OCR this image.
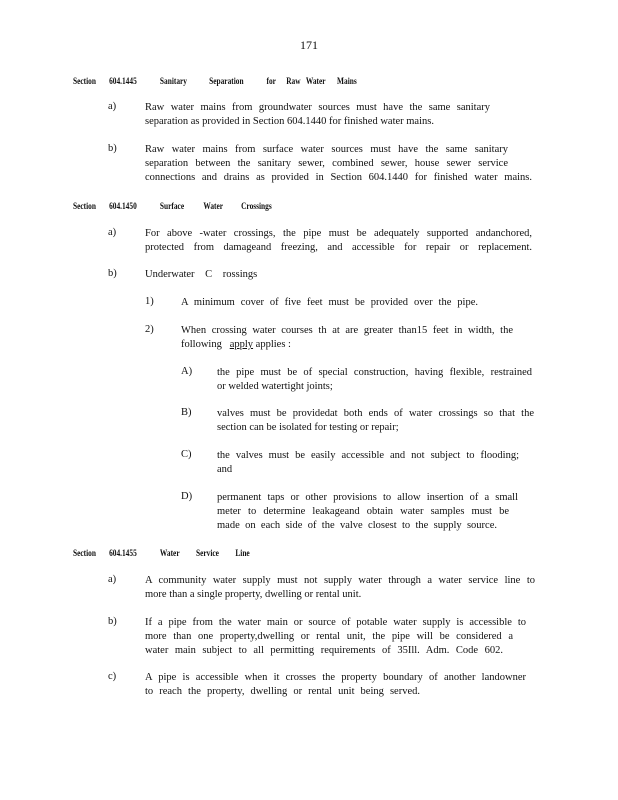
171
Section 604.1445	Sanitary Separation	for Raw Water Mains
a)	Raw water mains from groundwater sources must have the same sanitary
separation as provided in Section 604.1440 for finished water mains.
b)	Raw water mains from surface water sources must have the same sanitary
separation between the sanitary sewer, combined sewer, house sewer service
connections and drains as provided in Section 604.1440 for finished water mains.
Section 604.1450	Surface Water Crossings
a)	For above -water crossings, the pipe must be adequately supported andanchored,
protected from damageand freezing, and accessible for repair or replacement.
b)	Underwater C rossings
1)	A minimum cover of five feet must be provided over the pipe.
2)	When crossing water courses th at are greater than15 feet in width, the
following apply applies :
A) the pipe must be of special construction, having flexible, restrained
or welded watertight joints;
B) valves must be providedat both ends of water crossings so that the
section can be isolated for testing or repair;
C) the valves must be easily accessible and not subject to flooding;
and
D) permanent taps or other provisions to allow insertion of a small
meter to determine leakageand obtain water samples must be
made on each side of the valve closest to the supply source.
Section 604.1455	Water Service Line
a)	A community water supply must not supply water through a water service line to
more than a single property, dwelling or rental unit.
b)	If a pipe from the water main or source of potable water supply is accessible to
more than one property,dwelling or rental unit, the pipe will be considered a
water main subject to all permitting requirements of 35Ill. Adm. Code 602.
c)	A pipe is accessible when it crosses the property boundary of another landowner
to reach the property, dwelling or rental unit being served.
